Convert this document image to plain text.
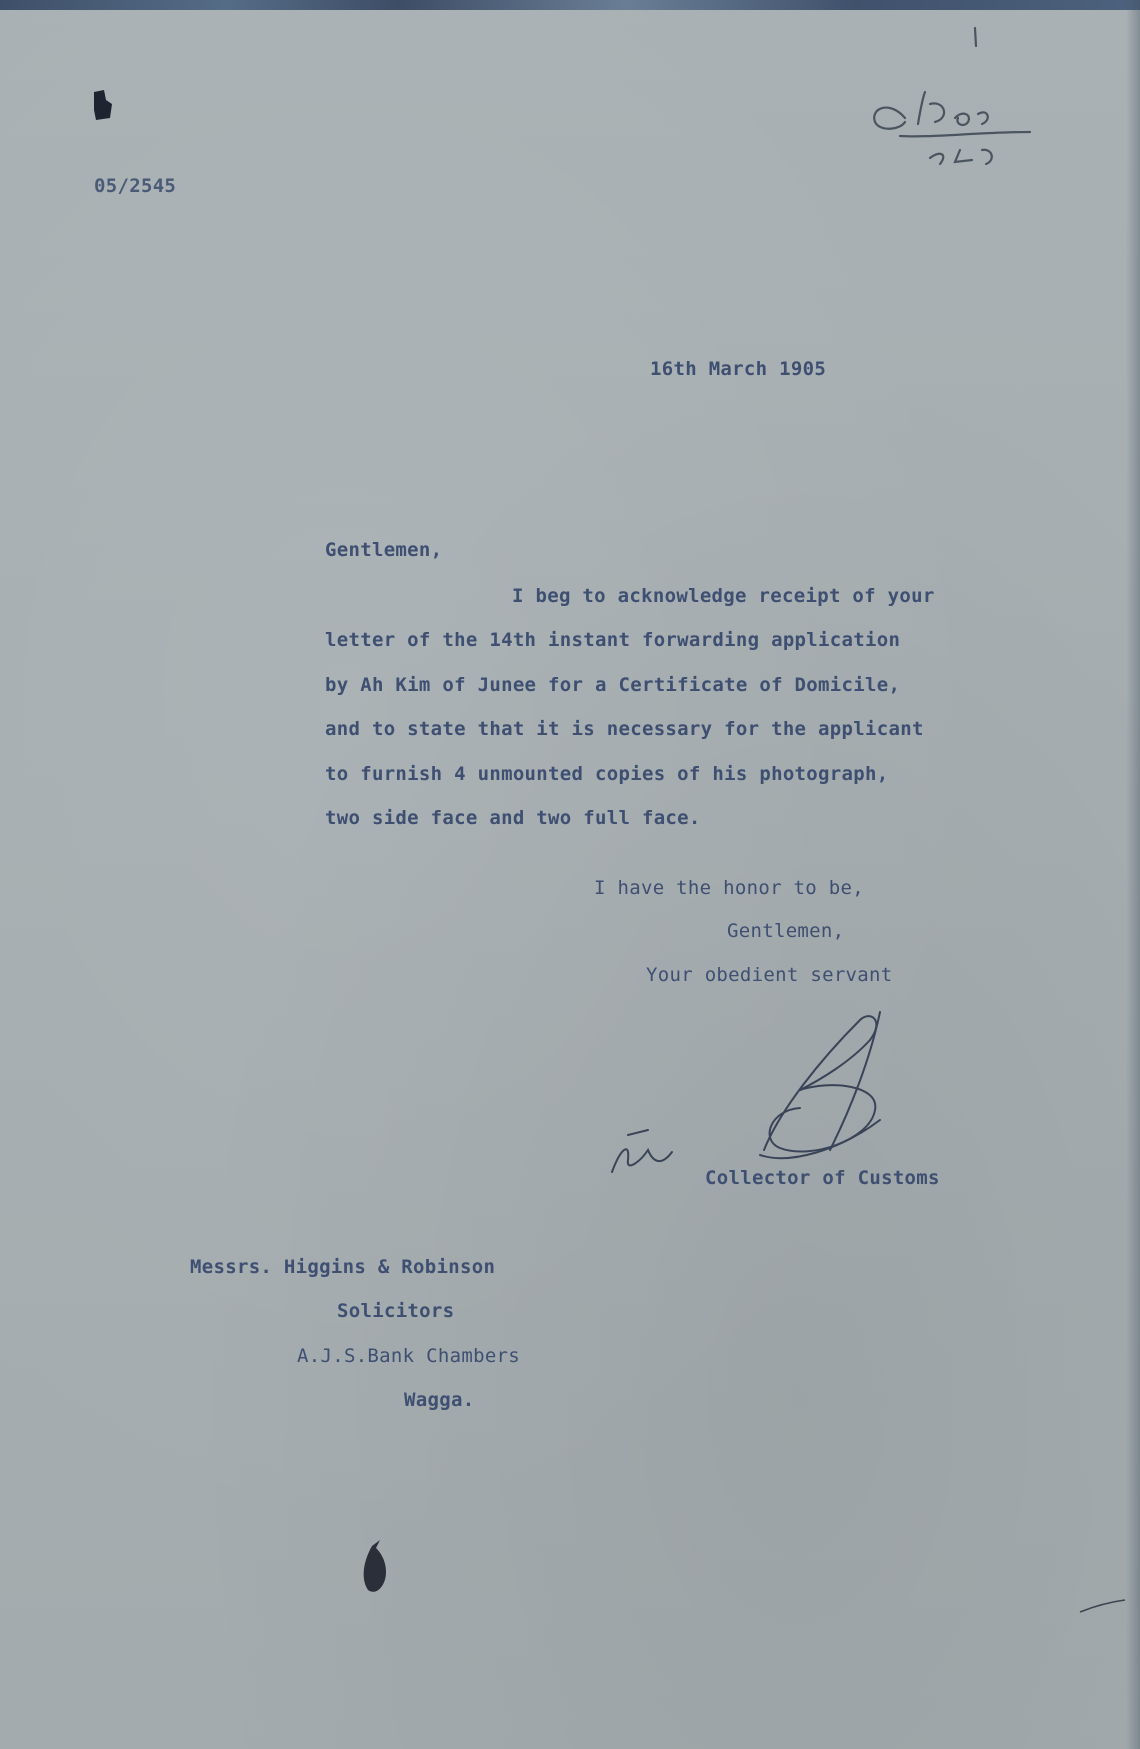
05/2545
16th March 1905
Gentlemen,
I beg to acknowledge receipt of your
letter of the 14th instant forwarding application
by Ah Kim of Junee for a Certificate of Domicile,
and to state that it is necessary for the applicant
to furnish 4 unmounted copies of his photograph,
two side face and two full face.
I have the honor to be,
Gentlemen,
Your obedient servant
Collector of Customs
Messrs. Higgins & Robinson
Solicitors
A.J.S.Bank Chambers
Wagga.
